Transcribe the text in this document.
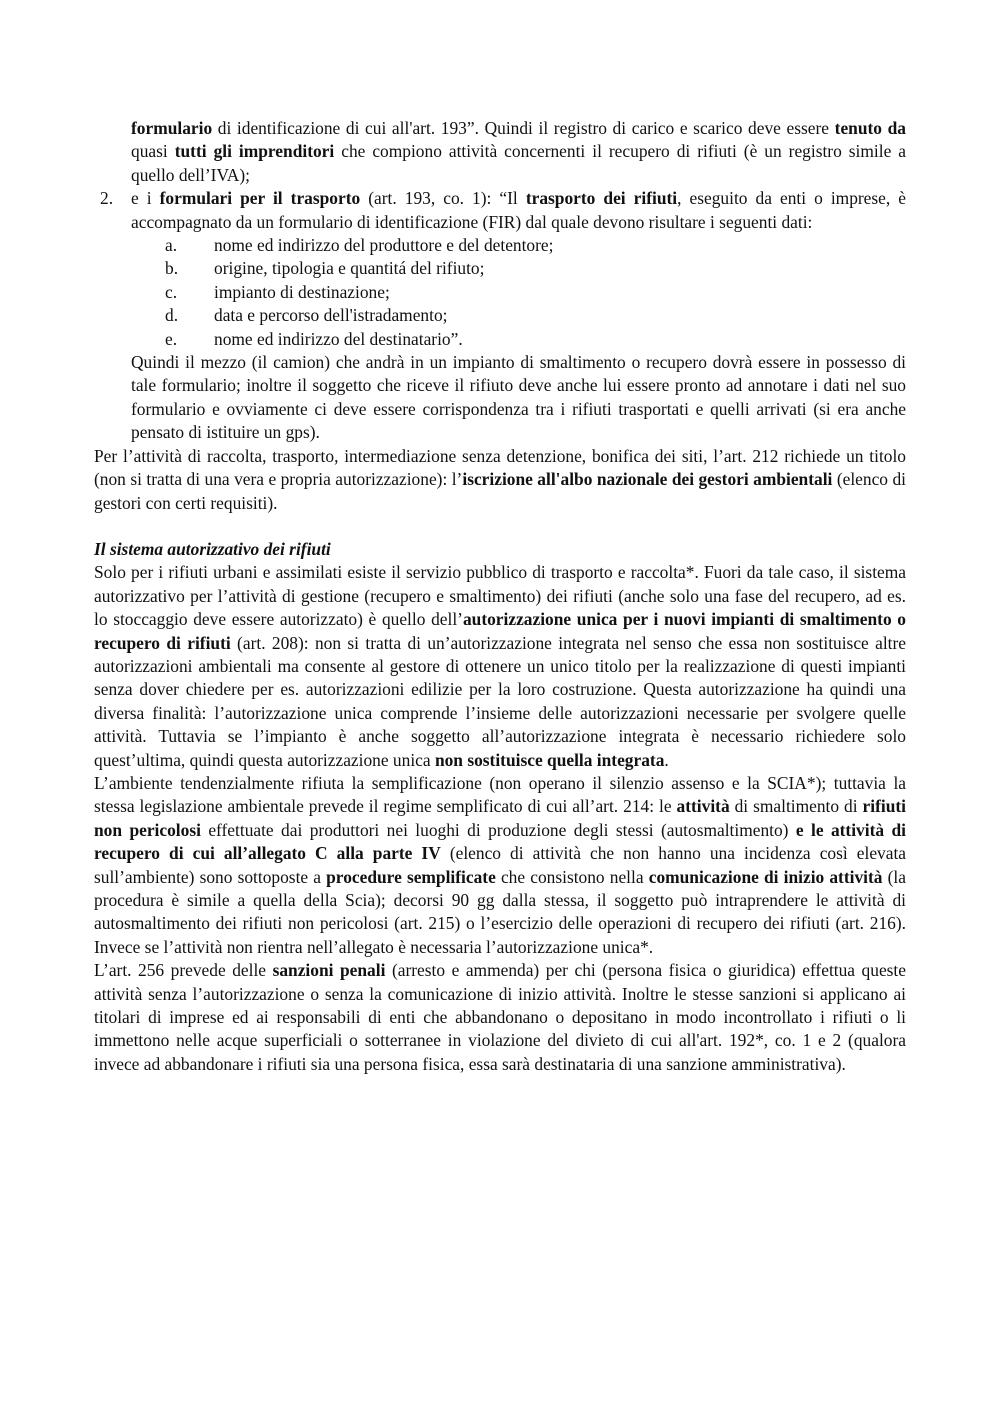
formulario di identificazione di cui all'art. 193”. Quindi il registro di carico e scarico deve essere tenuto da quasi tutti gli imprenditori che compiono attività concernenti il recupero di rifiuti (è un registro simile a quello dell’IVA);

2.	e i formulari per il trasporto (art. 193, co. 1): “Il trasporto dei rifiuti, eseguito da enti o imprese, è accompagnato da un formulario di identificazione (FIR) dal quale devono risultare i seguenti dati:
a.	nome ed indirizzo del produttore e del detentore;
b.	origine, tipologia e quantitá del rifiuto;
c.	impianto di destinazione;
d.	data e percorso dell'istradamento;
e.	nome ed indirizzo del destinatario”.

Quindi il mezzo (il camion) che andrà in un impianto di smaltimento o recupero dovrà essere in possesso di tale formulario; inoltre il soggetto che riceve il rifiuto deve anche lui essere pronto ad annotare i dati nel suo formulario e ovviamente ci deve essere corrispondenza tra i rifiuti trasportati e quelli arrivati (si era anche pensato di istituire un gps).

Per l’attività di raccolta, trasporto, intermediazione senza detenzione, bonifica dei siti, l’art. 212 richiede un titolo (non si tratta di una vera e propria autorizzazione): l’iscrizione all'albo nazionale dei gestori ambientali (elenco di gestori con certi requisiti).

Il sistema autorizzativo dei rifiuti

Solo per i rifiuti urbani e assimilati esiste il servizio pubblico di trasporto e raccolta*. Fuori da tale caso, il sistema autorizzativo per l’attività di gestione (recupero e smaltimento) dei rifiuti (anche solo una fase del recupero, ad es. lo stoccaggio deve essere autorizzato) è quello dell’autorizzazione unica per i nuovi impianti di smaltimento o recupero di rifiuti (art. 208): non si tratta di un’autorizzazione integrata nel senso che essa non sostituisce altre autorizzazioni ambientali ma consente al gestore di ottenere un unico titolo per la realizzazione di questi impianti senza dover chiedere per es. autorizzazioni edilizie per la loro costruzione. Questa autorizzazione ha quindi una diversa finalità: l’autorizzazione unica comprende l’insieme delle autorizzazioni necessarie per svolgere quelle attività. Tuttavia se l’impianto è anche soggetto all’autorizzazione integrata è necessario richiedere solo quest’ultima, quindi questa autorizzazione unica non sostituisce quella integrata.

L’ambiente tendenzialmente rifiuta la semplificazione (non operano il silenzio assenso e la SCIA*); tuttavia la stessa legislazione ambientale prevede il regime semplificato di cui all’art. 214: le attività di smaltimento di rifiuti non pericolosi effettuate dai produttori nei luoghi di produzione degli stessi (autosmaltimento) e le attività di recupero di cui all’allegato C alla parte IV (elenco di attività che non hanno una incidenza così elevata sull’ambiente) sono sottoposte a procedure semplificate che consistono nella comunicazione di inizio attività (la procedura è simile a quella della Scia); decorsi 90 gg dalla stessa, il soggetto può intraprendere le attività di autosmaltimento dei rifiuti non pericolosi (art. 215) o l’esercizio delle operazioni di recupero dei rifiuti (art. 216). Invece se l’attività non rientra nell’allegato è necessaria l’autorizzazione unica*.

L’art. 256 prevede delle sanzioni penali (arresto e ammenda) per chi (persona fisica o giuridica) effettua queste attività senza l’autorizzazione o senza la comunicazione di inizio attività. Inoltre le stesse sanzioni si applicano ai titolari di imprese ed ai responsabili di enti che abbandonano o depositano in modo incontrollato i rifiuti o li immettono nelle acque superficiali o sotterranee in violazione del divieto di cui all'art. 192*, co. 1 e 2 (qualora invece ad abbandonare i rifiuti sia una persona fisica, essa sarà destinataria di una sanzione amministrativa).
